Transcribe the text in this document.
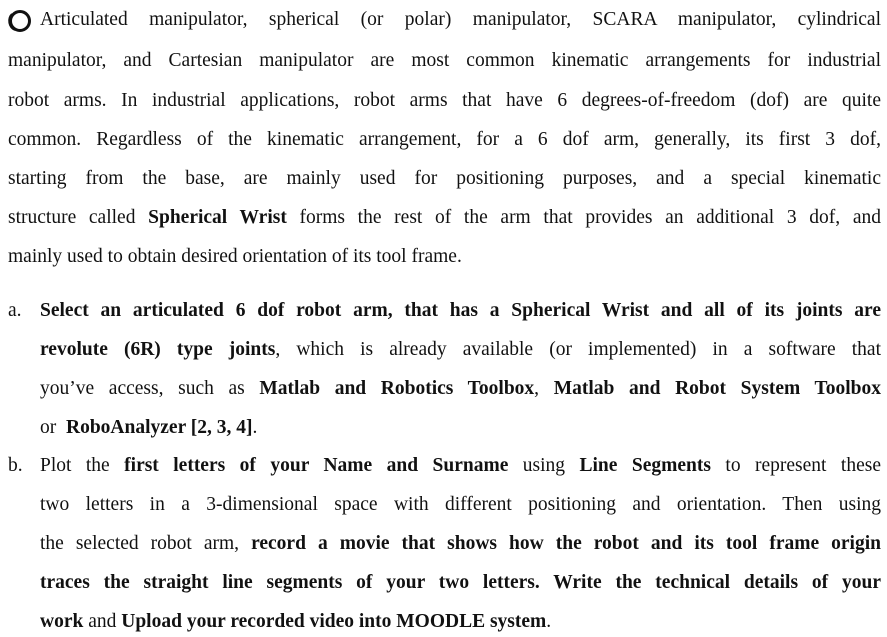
Articulated manipulator, spherical (or polar) manipulator, SCARA manipulator, cylindrical
manipulator, and Cartesian manipulator are most common kinematic arrangements for industrial
robot arms. In industrial applications, robot arms that have 6 degrees-of-freedom (dof) are quite
common. Regardless of the kinematic arrangement, for a 6 dof arm, generally, its first 3 dof,
starting from the base, are mainly used for positioning purposes, and a special kinematic
structure called Spherical Wrist forms the rest of the arm that provides an additional 3 dof, and
mainly used to obtain desired orientation of its tool frame.
a. Select an articulated 6 dof robot arm, that has a Spherical Wrist and all of its joints are
revolute (6R) type joints, which is already available (or implemented) in a software that
you’ve access, such as Matlab and Robotics Toolbox, Matlab and Robot System Toolbox
or  RoboAnalyzer [2, 3, 4].
b. Plot the first letters of your Name and Surname using Line Segments to represent these
two letters in a 3-dimensional space with different positioning and orientation. Then using
the selected robot arm, record a movie that shows how the robot and its tool frame origin
traces the straight line segments of your two letters. Write the technical details of your
work and Upload your recorded video into MOODLE system.
